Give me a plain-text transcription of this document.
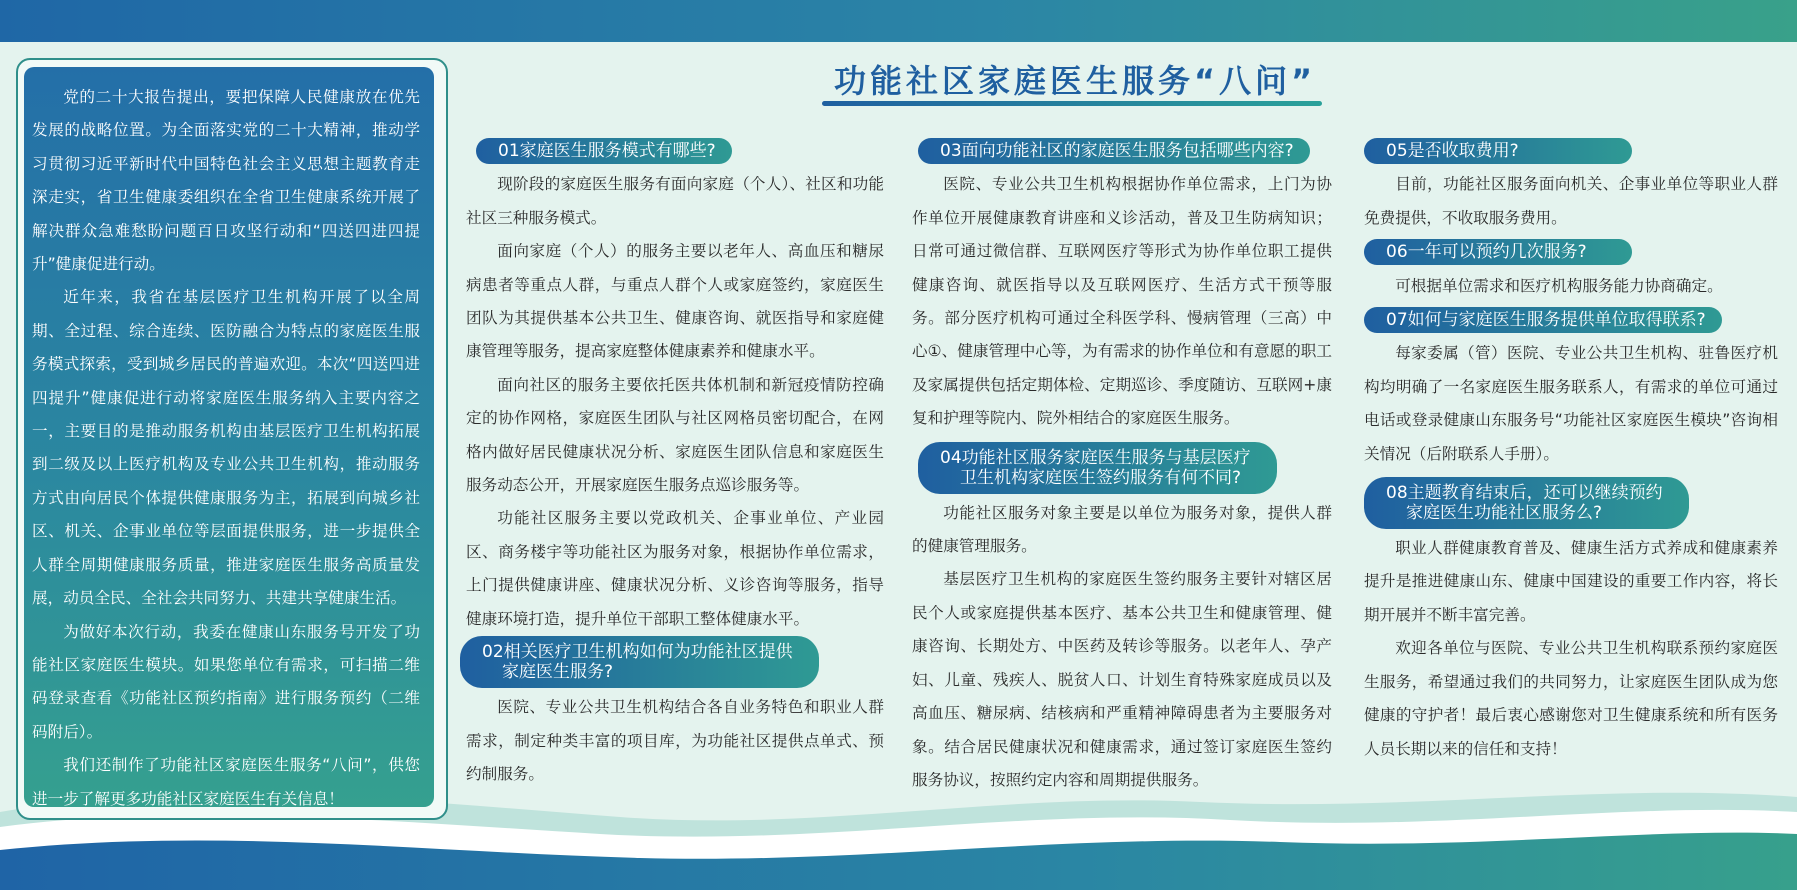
党的二十大报告提出，要把保障人民健康放在优先发展的战略位置。为全面落实党的二十大精神，推动学习贯彻习近平新时代中国特色社会主义思想主题教育走深走实，省卫生健康委组织在全省卫生健康系统开展了解决群众急难愁盼问题百日攻坚行动和“四送四进四提升”健康促进行动。

近年来，我省在基层医疗卫生机构开展了以全周期、全过程、综合连续、医防融合为特点的家庭医生服务模式探索，受到城乡居民的普遍欢迎。本次“四送四进四提升”健康促进行动将家庭医生服务纳入主要内容之一，主要目的是推动服务机构由基层医疗卫生机构拓展到二级及以上医疗机构及专业公共卫生机构，推动服务方式由向居民个体提供健康服务为主，拓展到向城乡社区、机关、企事业单位等层面提供服务，进一步提供全人群全周期健康服务质量，推进家庭医生服务高质量发展，动员全民、全社会共同努力、共建共享健康生活。

为做好本次行动，我委在健康山东服务号开发了功能社区家庭医生模块。如果您单位有需求，可扫描二维码登录查看《功能社区预约指南》进行服务预约（二维码附后）。

我们还制作了功能社区家庭医生服务“八问”，供您进一步了解更多功能社区家庭医生有关信息！

功能社区家庭医生服务“八问”
01家庭医生服务模式有哪些?

现阶段的家庭医生服务有面向家庭（个人）、社区和功能社区三种服务模式。

面向家庭（个人）的服务主要以老年人、高血压和糖尿病患者等重点人群，与重点人群个人或家庭签约，家庭医生团队为其提供基本公共卫生、健康咨询、就医指导和家庭健康管理等服务，提高家庭整体健康素养和健康水平。

面向社区的服务主要依托医共体机制和新冠疫情防控确定的协作网格，家庭医生团队与社区网格员密切配合，在网格内做好居民健康状况分析、家庭医生团队信息和家庭医生服务动态公开，开展家庭医生服务点巡诊服务等。

功能社区服务主要以党政机关、企事业单位、产业园区、商务楼宇等功能社区为服务对象，根据协作单位需求，上门提供健康讲座、健康状况分析、义诊咨询等服务，指导健康环境打造，提升单位干部职工整体健康水平。

02相关医疗卫生机构如何为功能社区提供
家庭医生服务?

医院、专业公共卫生机构结合各自业务特色和职业人群需求，制定种类丰富的项目库，为功能社区提供点单式、预约制服务。

03面向功能社区的家庭医生服务包括哪些内容?

医院、专业公共卫生机构根据协作单位需求，上门为协作单位开展健康教育讲座和义诊活动，普及卫生防病知识；日常可通过微信群、互联网医疗等形式为协作单位职工提供健康咨询、就医指导以及互联网医疗、生活方式干预等服务。部分医疗机构可通过全科医学科、慢病管理（三高）中心①、健康管理中心等，为有需求的协作单位和有意愿的职工及家属提供包括定期体检、定期巡诊、季度随访、互联网+康复和护理等院内、院外相结合的家庭医生服务。

04功能社区服务家庭医生服务与基层医疗
卫生机构家庭医生签约服务有何不同?

功能社区服务对象主要是以单位为服务对象，提供人群的健康管理服务。

基层医疗卫生机构的家庭医生签约服务主要针对辖区居民个人或家庭提供基本医疗、基本公共卫生和健康管理、健康咨询、长期处方、中医药及转诊等服务。以老年人、孕产妇、儿童、残疾人、脱贫人口、计划生育特殊家庭成员以及高血压、糖尿病、结核病和严重精神障碍患者为主要服务对象。结合居民健康状况和健康需求，通过签订家庭医生签约服务协议，按照约定内容和周期提供服务。

05是否收取费用?

目前，功能社区服务面向机关、企事业单位等职业人群免费提供，不收取服务费用。

06一年可以预约几次服务?

可根据单位需求和医疗机构服务能力协商确定。

07如何与家庭医生服务提供单位取得联系?

每家委属（管）医院、专业公共卫生机构、驻鲁医疗机构均明确了一名家庭医生服务联系人，有需求的单位可通过电话或登录健康山东服务号“功能社区家庭医生模块”咨询相关情况（后附联系人手册）。

08主题教育结束后，还可以继续预约
家庭医生功能社区服务么?

职业人群健康教育普及、健康生活方式养成和健康素养提升是推进健康山东、健康中国建设的重要工作内容，将长期开展并不断丰富完善。

欢迎各单位与医院、专业公共卫生机构联系预约家庭医生服务，希望通过我们的共同努力，让家庭医生团队成为您健康的守护者！最后衷心感谢您对卫生健康系统和所有医务人员长期以来的信任和支持！
